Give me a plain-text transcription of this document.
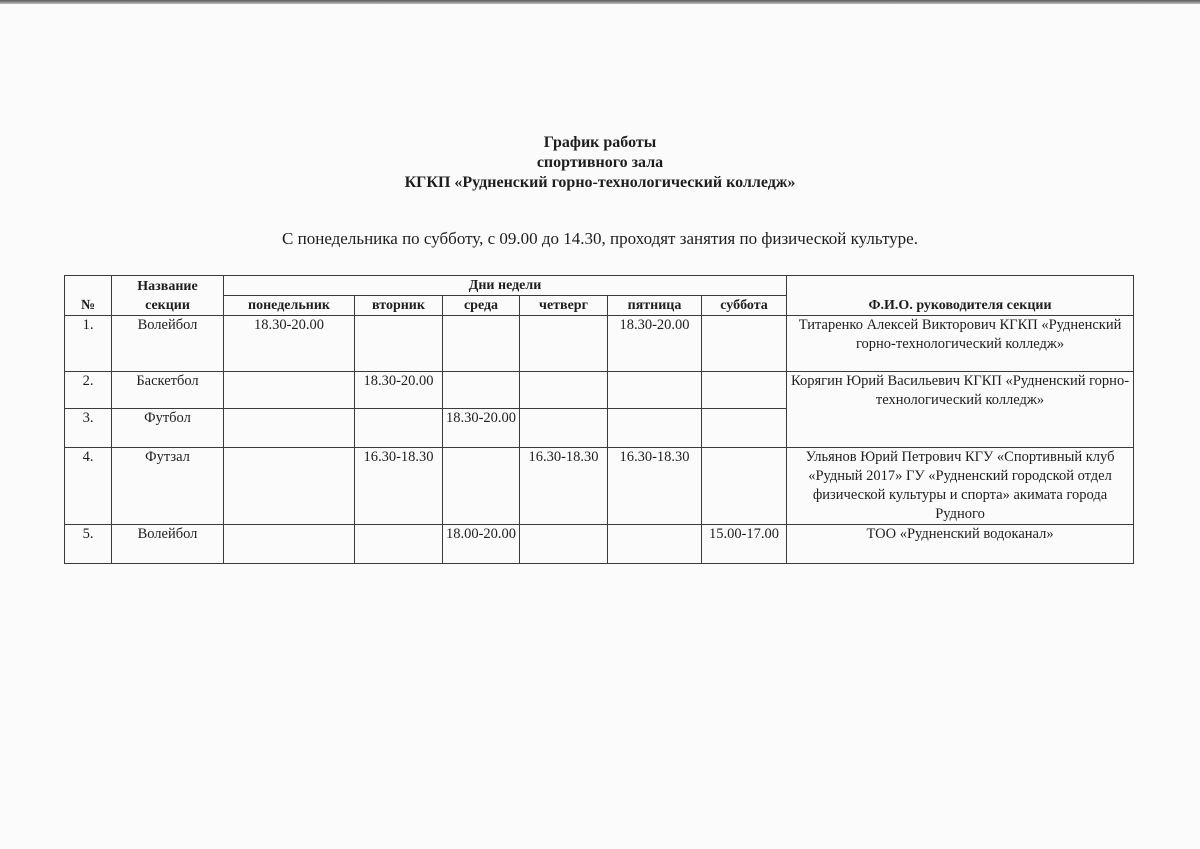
График работы
спортивного зала
КГКП «Рудненский горно-технологический колледж»
С понедельника по субботу, с 09.00 до 14.30, проходят занятия по физической культуре.
№	Название секции	Дни недели						Ф.И.О. руководителя секции
		понедельник	вторник	среда	четверг	пятница	суббота	
1.	Волейбол	18.30-20.00				18.30-20.00		Титаренко Алексей Викторович КГКП «Рудненский горно-технологический колледж»
2.	Баскетбол		18.30-20.00					Корягин Юрий Васильевич КГКП «Рудненский горно-технологический колледж»
3.	Футбол			18.30-20.00				
4.	Футзал		16.30-18.30		16.30-18.30	16.30-18.30		Ульянов Юрий Петрович КГУ «Спортивный клуб «Рудный 2017» ГУ «Рудненский городской отдел физической культуры и спорта» акимата города Рудного
5.	Волейбол			18.00-20.00			15.00-17.00	ТОО «Рудненский водоканал»
